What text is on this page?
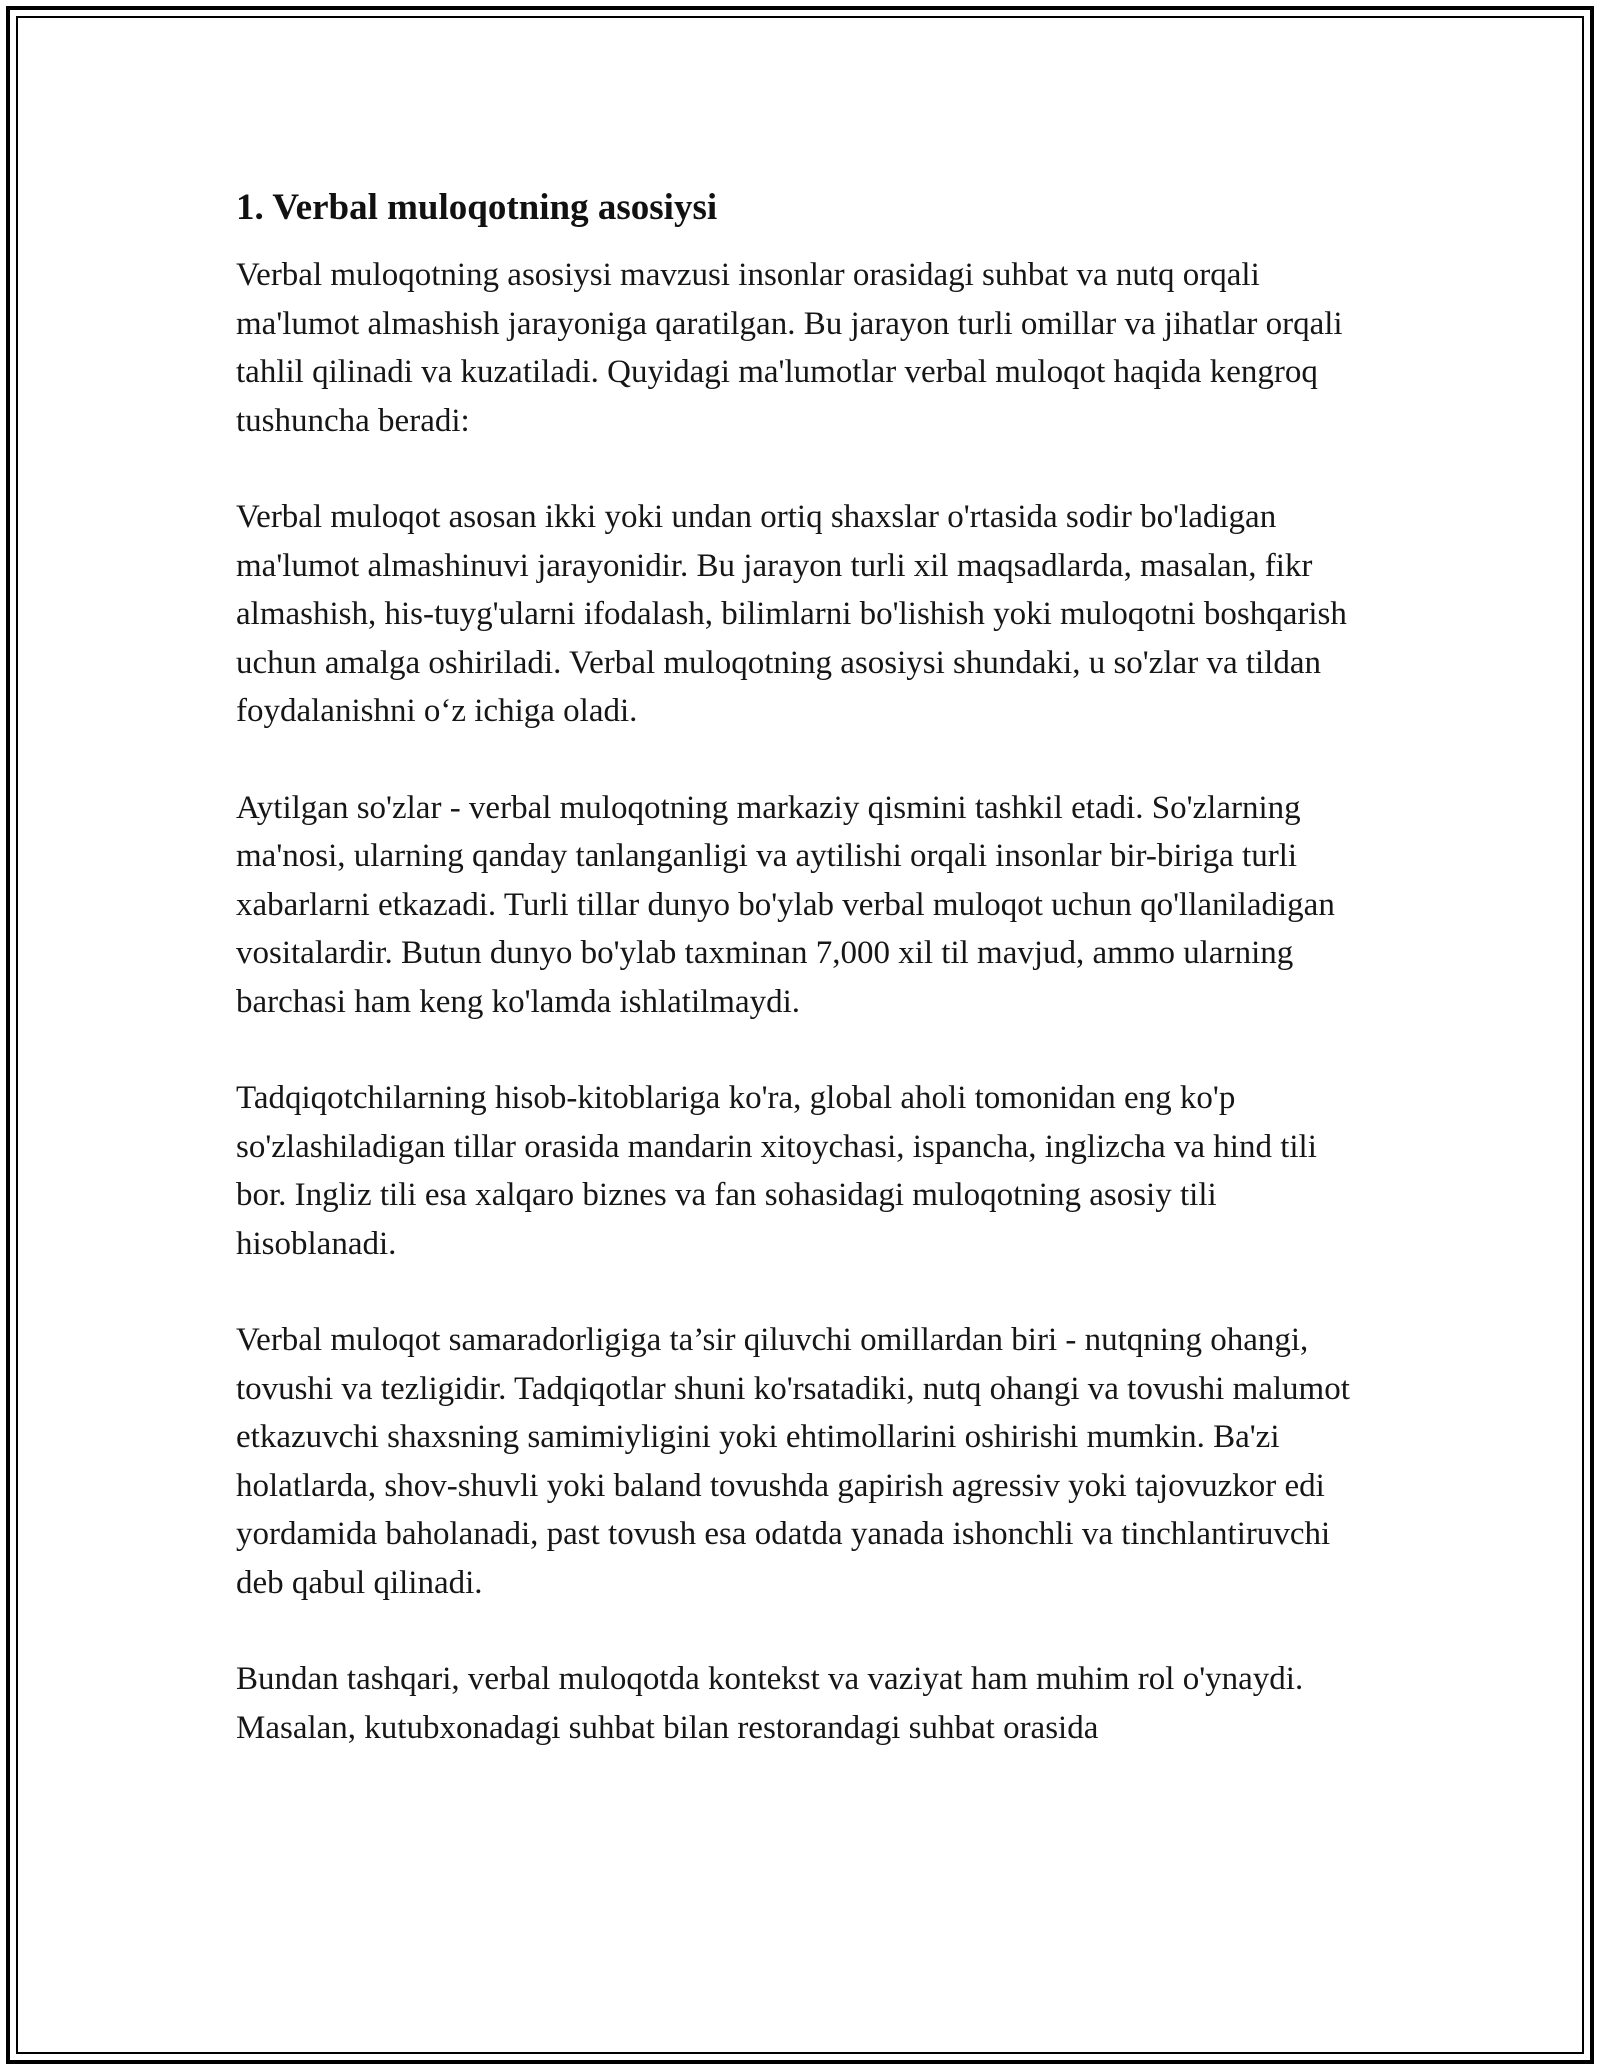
1. Verbal muloqotning asosiysi

Verbal muloqotning asosiysi mavzusi insonlar orasidagi suhbat va nutq orqali ma'lumot almashish jarayoniga qaratilgan. Bu jarayon turli omillar va jihatlar orqali tahlil qilinadi va kuzatiladi. Quyidagi ma'lumotlar verbal muloqot haqida kengroq tushuncha beradi:

Verbal muloqot asosan ikki yoki undan ortiq shaxslar o'rtasida sodir bo'ladigan ma'lumot almashinuvi jarayonidir. Bu jarayon turli xil maqsadlarda, masalan, fikr almashish, his-tuyg'ularni ifodalash, bilimlarni bo'lishish yoki muloqotni boshqarish uchun amalga oshiriladi. Verbal muloqotning asosiysi shundaki, u so'zlar va tildan foydalanishni o‘z ichiga oladi.

Aytilgan so'zlar - verbal muloqotning markaziy qismini tashkil etadi. So'zlarning ma'nosi, ularning qanday tanlanganligi va aytilishi orqali insonlar bir-biriga turli xabarlarni etkazadi. Turli tillar dunyo bo'ylab verbal muloqot uchun qo'llaniladigan vositalardir. Butun dunyo bo'ylab taxminan 7,000 xil til mavjud, ammo ularning barchasi ham keng ko'lamda ishlatilmaydi.

Tadqiqotchilarning hisob-kitoblariga ko'ra, global aholi tomonidan eng ko'p so'zlashiladigan tillar orasida mandarin xitoychasi, ispancha, inglizcha va hind tili bor. Ingliz tili esa xalqaro biznes va fan sohasidagi muloqotning asosiy tili hisoblanadi.

Verbal muloqot samaradorligiga ta’sir qiluvchi omillardan biri - nutqning ohangi, tovushi va tezligidir. Tadqiqotlar shuni ko'rsatadiki, nutq ohangi va tovushi malumot etkazuvchi shaxsning samimiyligini yoki ehtimollarini oshirishi mumkin. Ba'zi holatlarda, shov-shuvli yoki baland tovushda gapirish agressiv yoki tajovuzkor edi yordamida baholanadi, past tovush esa odatda yanada ishonchli va tinchlantiruvchi deb qabul qilinadi.

Bundan tashqari, verbal muloqotda kontekst va vaziyat ham muhim rol o'ynaydi. Masalan, kutubxonadagi suhbat bilan restorandagi suhbat orasida
